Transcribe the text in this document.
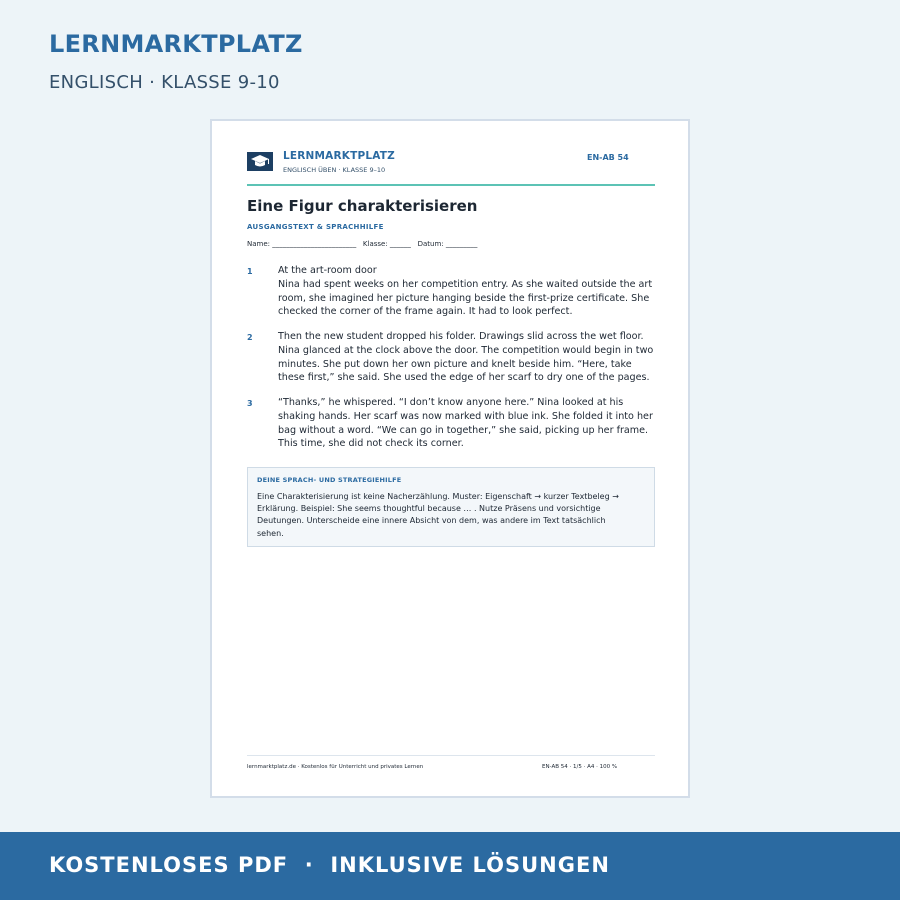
LERNMARKTPLATZ
ENGLISCH · KLASSE 9-10
LERNMARKTPLATZ
ENGLISCH ÜBEN · KLASSE 9–10
EN-AB 54
Eine Figur charakterisieren
AUSGANGSTEXT & SPRACHHILFE
Name: ________________________   Klasse: ______   Datum: _________
1	At the art-room door
Nina had spent weeks on her competition entry. As she waited outside the art
room, she imagined her picture hanging beside the first-prize certificate. She
checked the corner of the frame again. It had to look perfect.
2	Then the new student dropped his folder. Drawings slid across the wet floor.
Nina glanced at the clock above the door. The competition would begin in two
minutes. She put down her own picture and knelt beside him. “Here, take
these first,” she said. She used the edge of her scarf to dry one of the pages.
3	“Thanks,” he whispered. “I don’t know anyone here.” Nina looked at his
shaking hands. Her scarf was now marked with blue ink. She folded it into her
bag without a word. “We can go in together,” she said, picking up her frame.
This time, she did not check its corner.
DEINE SPRACH- UND STRATEGIEHILFE
Eine Charakterisierung ist keine Nacherzählung. Muster: Eigenschaft → kurzer Textbeleg →
Erklärung. Beispiel: She seems thoughtful because … . Nutze Präsens und vorsichtige
Deutungen. Unterscheide eine innere Absicht von dem, was andere im Text tatsächlich
sehen.
lernmarktplatz.de · Kostenlos für Unterricht und privates Lernen	EN-AB 54 · 1/5 · A4 · 100 %
KOSTENLOSES PDF  ·  INKLUSIVE LÖSUNGEN
